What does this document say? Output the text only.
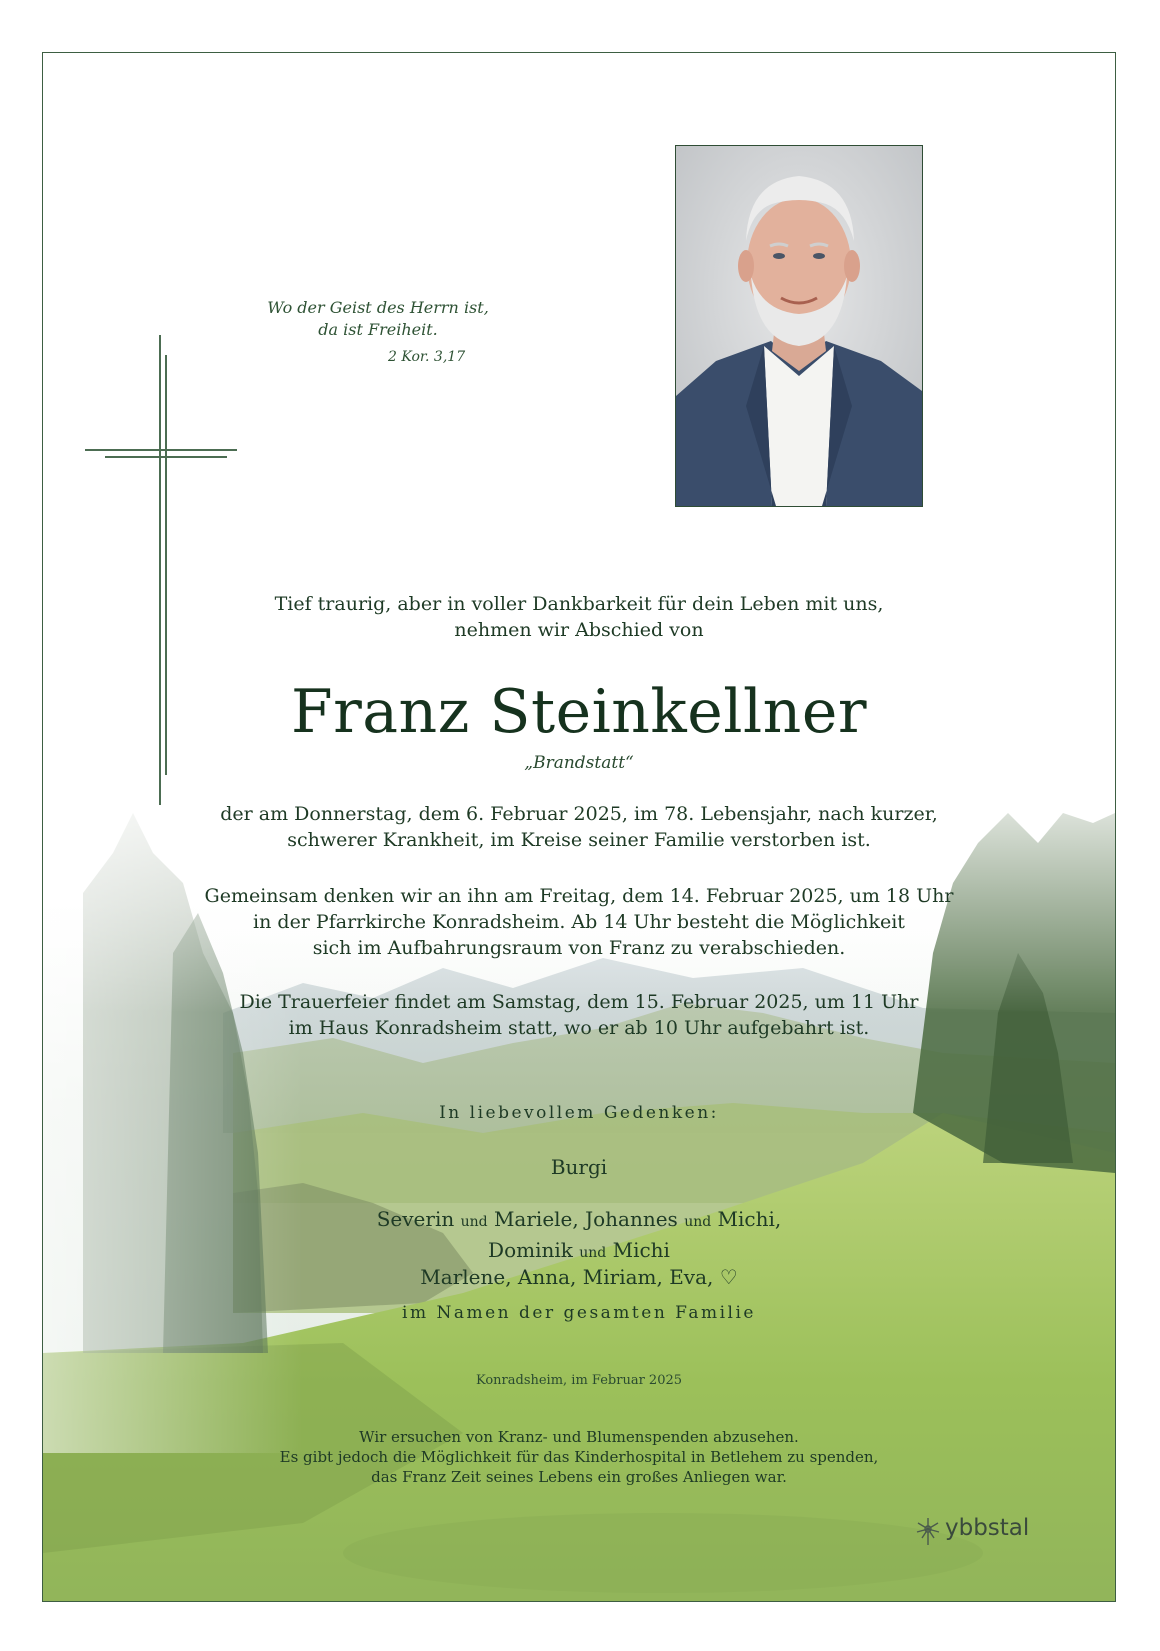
Wo der Geist des Herrn ist,
da ist Freiheit.
2 Kor. 3,17
Tief traurig, aber in voller Dankbarkeit für dein Leben mit uns,
nehmen wir Abschied von
Franz Steinkellner
„Brandstatt“
der am Donnerstag, dem 6. Februar 2025, im 78. Lebensjahr, nach kurzer,
schwerer Krankheit, im Kreise seiner Familie verstorben ist.
Gemeinsam denken wir an ihn am Freitag, dem 14. Februar 2025, um 18 Uhr
in der Pfarrkirche Konradsheim. Ab 14 Uhr besteht die Möglichkeit
sich im Aufbahrungsraum von Franz zu verabschieden.
Die Trauerfeier findet am Samstag, dem 15. Februar 2025, um 11 Uhr
im Haus Konradsheim statt, wo er ab 10 Uhr aufgebahrt ist.
In liebevollem Gedenken:
Burgi
Severin und Mariele, Johannes und Michi,
Dominik und Michi
Marlene, Anna, Miriam, Eva, ♡
im Namen der gesamten Familie
Konradsheim, im Februar 2025
Wir ersuchen von Kranz- und Blumenspenden abzusehen.
Es gibt jedoch die Möglichkeit für das Kinderhospital in Betlehem zu spenden,
das Franz Zeit seines Lebens ein großes Anliegen war.
ybbstal
